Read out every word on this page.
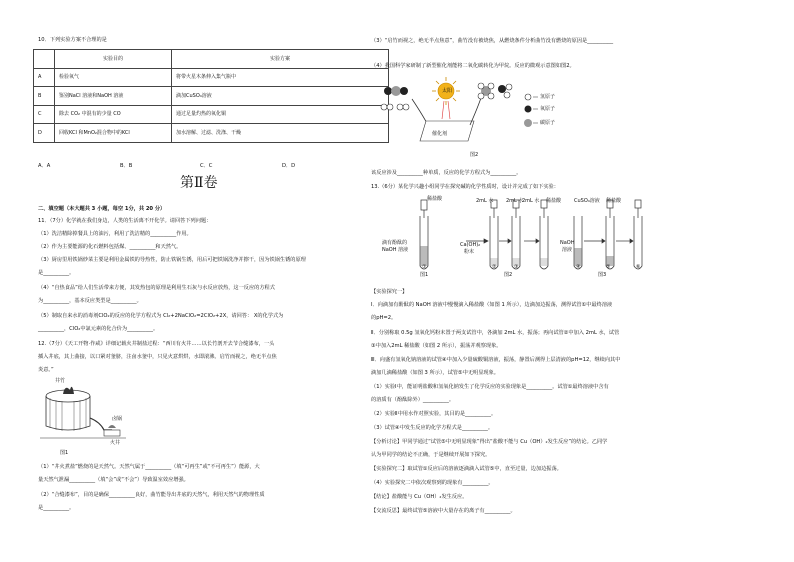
10．下列实验方案不合理的是
	实验目的	实验方案
A	检验氧气	将带火星木条伸入集气瓶中
B	鉴别NaCl 溶液和NaOH 溶液	滴加CuSO₄溶液
C	除去 CO₂ 中混有的少量 CO	通过足量灼热的氧化铜
D	回收KCl 和MnO₂混合物中的KCl	加水溶解、过滤、洗涤、干燥
A．A	B．B	C．C	D．D
第Ⅱ卷
二、填空题（本大题共 3 小题，每空 1分，共 20 分）
11．（7分）化学就在我们身边，人类的生活离不开化学。请回答下列问题：
（1）洗洁精除掉餐具上的油污，利用了洗洁精的__________作用。
（2）作为主要能源的化石燃料包括煤、__________和天然气。
（3）厨房里用铁锅炒菜主要是利用金属铁的导热性，防止铁锅生锈，用后可把铁锅洗净并擦干，因为铁锅生锈的原理
是__________。
（4）“自热食品”给人们生活带来方便，其发热包的原理是利用生石灰与水反应放热，这一反应的方程式
为__________，基本反应类型是__________。
（5）制取自来水的消毒剂ClO₂的反应的化学方程式为 Cl₂+2NaClO₂=2ClO₂+2X，请回答： X的化学式为
__________，ClO₂中氯元素的化合价为__________。
12.（7分）《天工开物·作咸》详细记载火井制盐过程：“西川有火井……以长竹剖开去节合缝漆布，一头
插入井底，其上曲接，以口紧对釜脐，注卤水釜中，只见火意烘烘，水即滚沸。启竹而视之，绝无半点焦
炎意。”
井竹
卤锅
火井
图1
（1）“井火煮盐”燃烧的是天然气。天然气属于__________（填“可再生”或“不可再生”）能源，大
量天然气泄漏__________（填“会”或“不会”）导致温室效应增强。
（2）“合缝漆布”，目的是确保__________良好，曲竹能导出井底的天然气，利用天然气的物理性质
是__________。
（3）“启竹而视之，绝无半点焦意”，曲竹没有被烧焦，从燃烧条件分析曲竹没有燃烧的原因是__________
（4）我国科学家研制了新型催化剂能将二氧化碳转化为甲烷。反应的微观示意图如图2。
太阳
催化剂
氢原子
氧原子
碳原子
图2
该反应涉及__________种单质，反应的化学方程式为__________。
13.（6分）某化学兴趣小组同学在探究碱的化学性质时，设计并完成了如下实验：
稀盐酸	2mL 水	2mL 水
2mL 水 稀盐酸	CuSO₄溶液 稀盐酸
滴有酚酞的
NaOH 溶液
Ca(OH)₂
粉末
NaOH
溶液
①	②	③	④	⑤	⑥
图1	图2	图3
【实验探究一】
Ⅰ．向滴加有酚酞的 NaOH 溶液中慢慢滴入稀盐酸（如图 1 所示），边滴加边振荡，测得试管①中最终溶液
的pH=2。
Ⅱ．分别称取 0.5g 氢氧化钙粉末置于两支试管中，各滴加 2mL 水，振荡；再向试管②中加入 2mL 水，试管
③中加入2mL 稀盐酸（如图 2 所示），振荡并观察现象。
Ⅲ．向盛有氢氧化钠溶液的试管④中加入少量硫酸铜溶液，振荡，静置后测得上层清液的pH=12，继续向其中
滴加几滴稀盐酸（如图 3 所示），试管⑤中无明显现象。
（1）实验Ⅰ中，能证明盐酸和氢氧化钠发生了化学反应的实验现象是__________。试管①最终溶液中含有
的溶质有（酚酞除外）__________。
（2）实验Ⅱ中用水作对照实验，其目的是__________。
（3）试管④中发生反应的化学方程式是__________。
【分析讨论】甲同学通过“试管⑤中无明显现象”得出“盐酸不能与 Cu（OH）₂发生反应”的结论。乙同学
认为甲同学的结论不正确，于是继续开展如下探究。
【实验探究二】取试管①反应后的溶液逐滴滴入试管⑤中，直至过量，边加边振荡。
（4）实验探究二中依次观察到的现象有__________。
【结论】盐酸能与 Cu（OH）₂发生反应。
【交流反思】最终试管⑤溶液中大量存在的离子有__________。
